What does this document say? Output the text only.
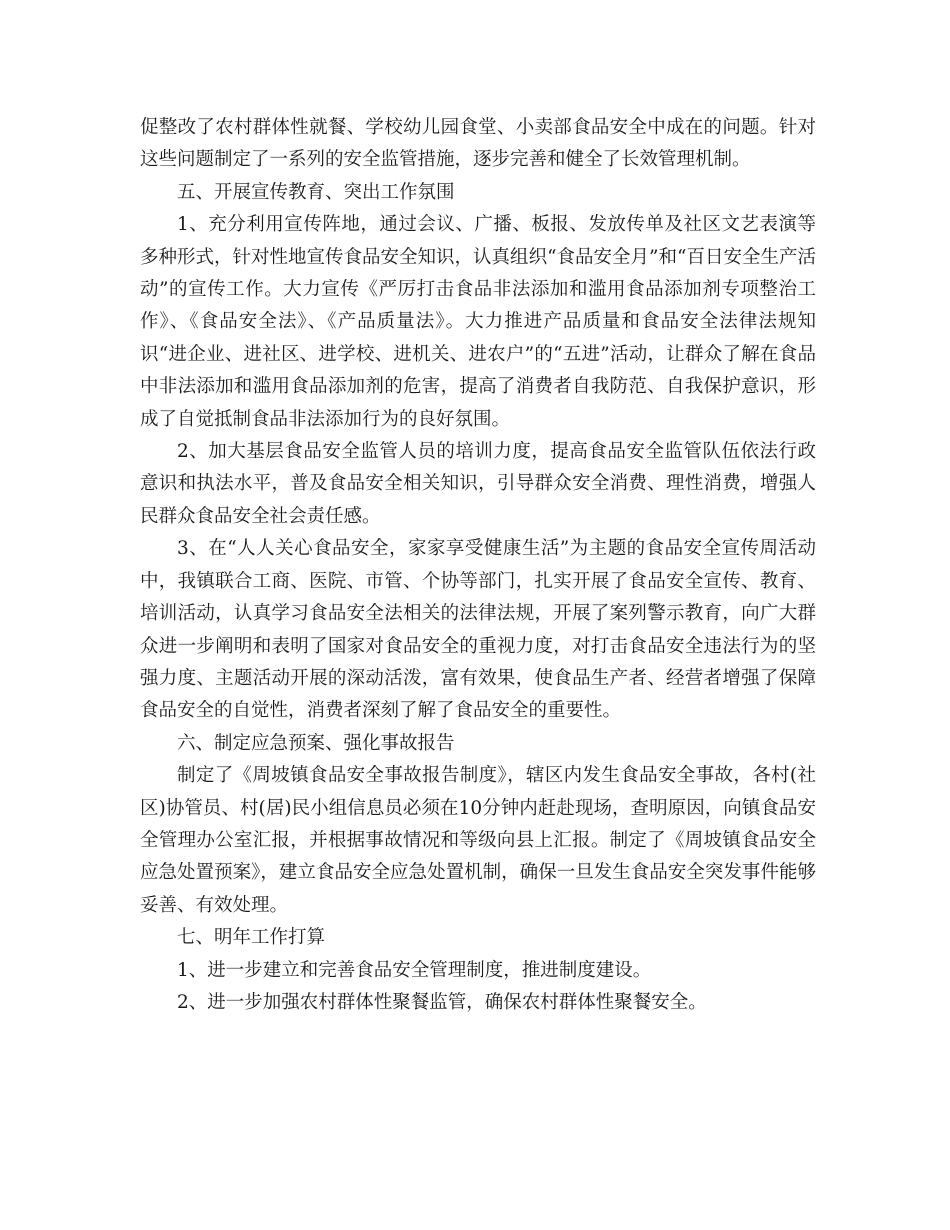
促整改了农村群体性就餐、学校幼儿园食堂、小卖部食品安全中成在的问题。针对这些问题制定了一系列的安全监管措施，逐步完善和健全了长效管理机制。

五、开展宣传教育、突出工作氛围

1、充分利用宣传阵地，通过会议、广播、板报、发放传单及社区文艺表演等多种形式，针对性地宣传食品安全知识，认真组织“食品安全月”和“百日安全生产活动”的宣传工作。大力宣传《严厉打击食品非法添加和滥用食品添加剂专项整治工作》、《食品安全法》、《产品质量法》。大力推进产品质量和食品安全法律法规知识“进企业、进社区、进学校、进机关、进农户”的“五进”活动，让群众了解在食品中非法添加和滥用食品添加剂的危害，提高了消费者自我防范、自我保护意识，形成了自觉抵制食品非法添加行为的良好氛围。

2、加大基层食品安全监管人员的培训力度，提高食品安全监管队伍依法行政意识和执法水平，普及食品安全相关知识，引导群众安全消费、理性消费，增强人民群众食品安全社会责任感。

3、在“人人关心食品安全，家家享受健康生活”为主题的食品安全宣传周活动中，我镇联合工商、医院、市管、个协等部门，扎实开展了食品安全宣传、教育、培训活动，认真学习食品安全法相关的法律法规，开展了案列警示教育，向广大群众进一步阐明和表明了国家对食品安全的重视力度，对打击食品安全违法行为的坚强力度、主题活动开展的深动活泼，富有效果，使食品生产者、经营者增强了保障食品安全的自觉性，消费者深刻了解了食品安全的重要性。

六、制定应急预案、强化事故报告

制定了《周坡镇食品安全事故报告制度》，辖区内发生食品安全事故，各村(社区)协管员、村(居)民小组信息员必须在10分钟内赶赴现场，查明原因，向镇食品安全管理办公室汇报，并根据事故情况和等级向县上汇报。制定了《周坡镇食品安全应急处置预案》，建立食品安全应急处置机制，确保一旦发生食品安全突发事件能够妥善、有效处理。

七、明年工作打算

1、进一步建立和完善食品安全管理制度，推进制度建设。

2、进一步加强农村群体性聚餐监管，确保农村群体性聚餐安全。
